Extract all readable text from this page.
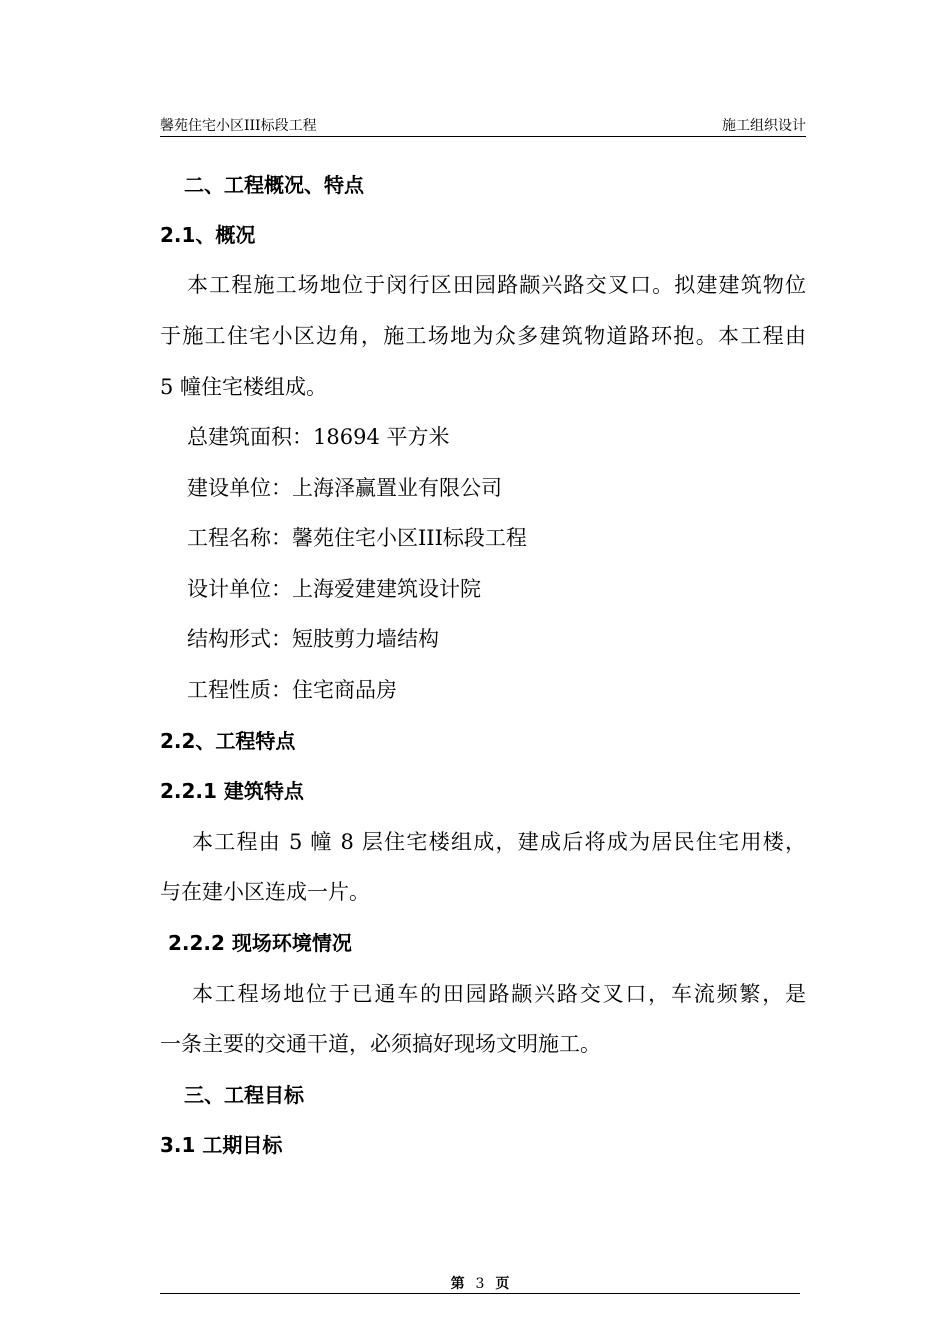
馨苑住宅小区III标段工程	施工组织设计
二、工程概况、特点
2.1、概况
本工程施工场地位于闵行区田园路颛兴路交叉口。拟建建筑物位
于施工住宅小区边角，施工场地为众多建筑物道路环抱。本工程由
5 幢住宅楼组成。
总建筑面积：18694 平方米
建设单位：上海泽赢置业有限公司
工程名称：馨苑住宅小区III标段工程
设计单位：上海爱建建筑设计院
结构形式：短肢剪力墙结构
工程性质：住宅商品房
2.2、工程特点
2.2.1 建筑特点
本工程由 5 幢 8 层住宅楼组成，建成后将成为居民住宅用楼，
与在建小区连成一片。
2.2.2 现场环境情况
本工程场地位于已通车的田园路颛兴路交叉口，车流频繁，是
一条主要的交通干道，必须搞好现场文明施工。
三、工程目标
3.1 工期目标
第 3 页
